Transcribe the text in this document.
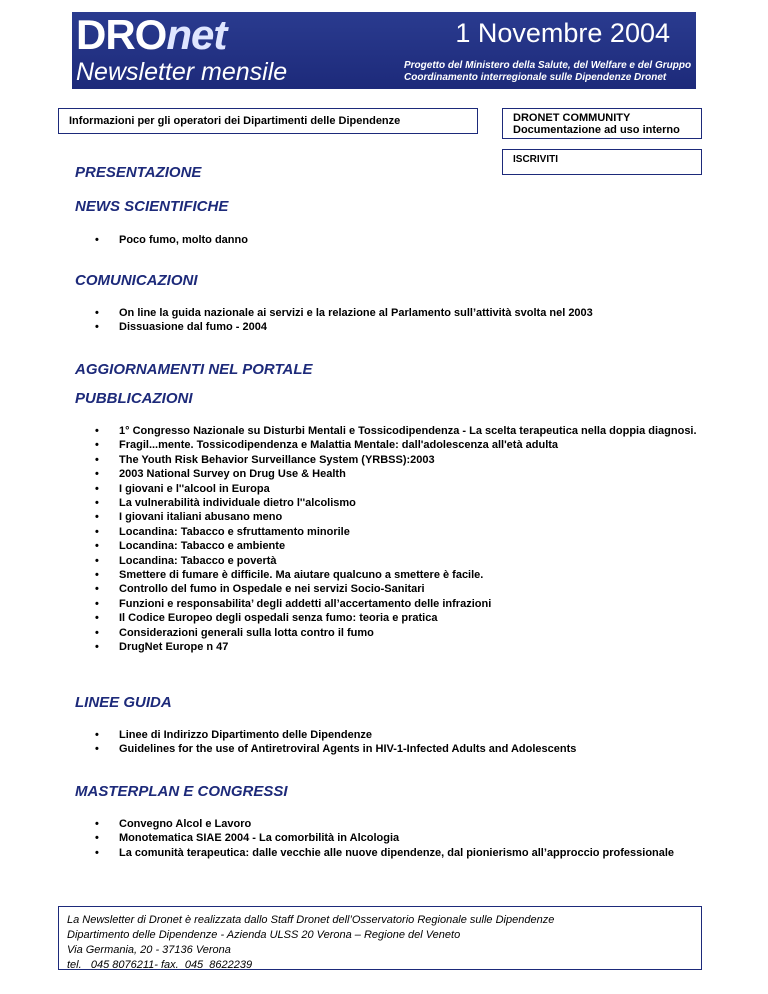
DROnet
Newsletter mensile
1 Novembre 2004
Progetto del Ministero della Salute, del Welfare e del Gruppo
Coordinamento interregionale sulle Dipendenze Dronet
Informazioni per gli operatori dei Dipartimenti delle Dipendenze	DRONET COMMUNITY
Documentazione ad uso interno
ISCRIVITI
PRESENTAZIONE
NEWS SCIENTIFICHE
• Poco fumo, molto danno
COMUNICAZIONI
• On line la guida nazionale ai servizi e la relazione al Parlamento sull’attività svolta nel 2003
• Dissuasione dal fumo - 2004
AGGIORNAMENTI NEL PORTALE
PUBBLICAZIONI
• 1° Congresso Nazionale su Disturbi Mentali e Tossicodipendenza - La scelta terapeutica nella doppia diagnosi.
• Fragil...mente. Tossicodipendenza e Malattia Mentale: dall'adolescenza all'età adulta
• The Youth Risk Behavior Surveillance System (YRBSS):2003
• 2003 National Survey on Drug Use & Health
• I giovani e l''alcool in Europa
• La vulnerabilità individuale dietro l''alcolismo
• I giovani italiani abusano meno
• Locandina: Tabacco e sfruttamento minorile
• Locandina: Tabacco e ambiente
• Locandina: Tabacco e povertà
• Smettere di fumare è difficile. Ma aiutare qualcuno a smettere è facile.
• Controllo del fumo in Ospedale e nei servizi Socio-Sanitari
• Funzioni e responsabilita’ degli addetti all’accertamento delle infrazioni
• Il Codice Europeo degli ospedali senza fumo: teoria e pratica
• Considerazioni generali sulla lotta contro il fumo
• DrugNet Europe n 47
LINEE GUIDA
• Linee di Indirizzo Dipartimento delle Dipendenze
• Guidelines for the use of Antiretroviral Agents in HIV-1-Infected Adults and Adolescents
MASTERPLAN E CONGRESSI
• Convegno Alcol e Lavoro
• Monotematica SIAE 2004 - La comorbilità in Alcologia
• La comunità terapeutica: dalle vecchie alle nuove dipendenze, dal pionierismo all’approccio professionale
La Newsletter di Dronet è realizzata dallo Staff Dronet dell’Osservatorio Regionale sulle Dipendenze
Dipartimento delle Dipendenze - Azienda ULSS 20 Verona – Regione del Veneto
Via Germania, 20 - 37136 Verona
tel.   045 8076211- fax.  045  8622239
